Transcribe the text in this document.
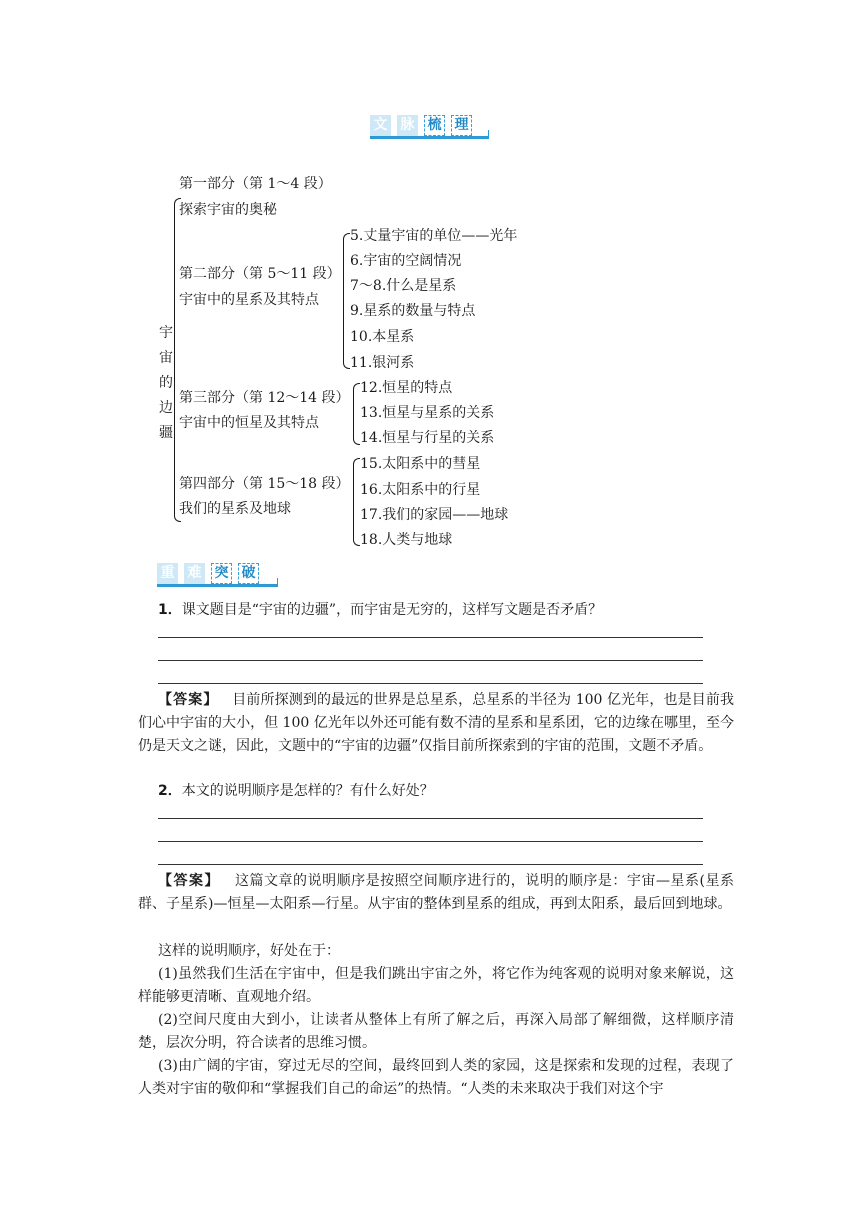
文 脉 梳 理
宇
宙
的
边
疆
第一部分（第 1～4 段）
探索宇宙的奥秘
第二部分（第 5～11 段）
宇宙中的星系及其特点
5.丈量宇宙的单位——光年
6.宇宙的空阔情况
7～8.什么是星系
9.星系的数量与特点
10.本星系
11.银河系
第三部分（第 12～14 段）
宇宙中的恒星及其特点
12.恒星的特点
13.恒星与星系的关系
14.恒星与行星的关系
第四部分（第 15～18 段）
我们的星系及地球
15.太阳系中的彗星
16.太阳系中的行星
17.我们的家园——地球
18.人类与地球
重 难 突 破
1．课文题目是“宇宙的边疆”，而宇宙是无穷的，这样写文题是否矛盾？
【答案】 目前所探测到的最远的世界是总星系，总星系的半径为 100 亿光年，也是目前我们心中宇宙的大小，但 100 亿光年以外还可能有数不清的星系和星系团，它的边缘在哪里，至今仍是天文之谜，因此，文题中的“宇宙的边疆”仅指目前所探索到的宇宙的范围，文题不矛盾。
2．本文的说明顺序是怎样的？有什么好处？
【答案】 这篇文章的说明顺序是按照空间顺序进行的，说明的顺序是：宇宙—星系(星系群、子星系)—恒星—太阳系—行星。从宇宙的整体到星系的组成，再到太阳系，最后回到地球。
这样的说明顺序，好处在于：
(1)虽然我们生活在宇宙中，但是我们跳出宇宙之外，将它作为纯客观的说明对象来解说，这样能够更清晰、直观地介绍。
(2)空间尺度由大到小，让读者从整体上有所了解之后，再深入局部了解细微，这样顺序清楚，层次分明，符合读者的思维习惯。
(3)由广阔的宇宙，穿过无尽的空间，最终回到人类的家园，这是探索和发现的过程，表现了人类对宇宙的敬仰和“掌握我们自己的命运”的热情。“人类的未来取决于我们对这个宇
